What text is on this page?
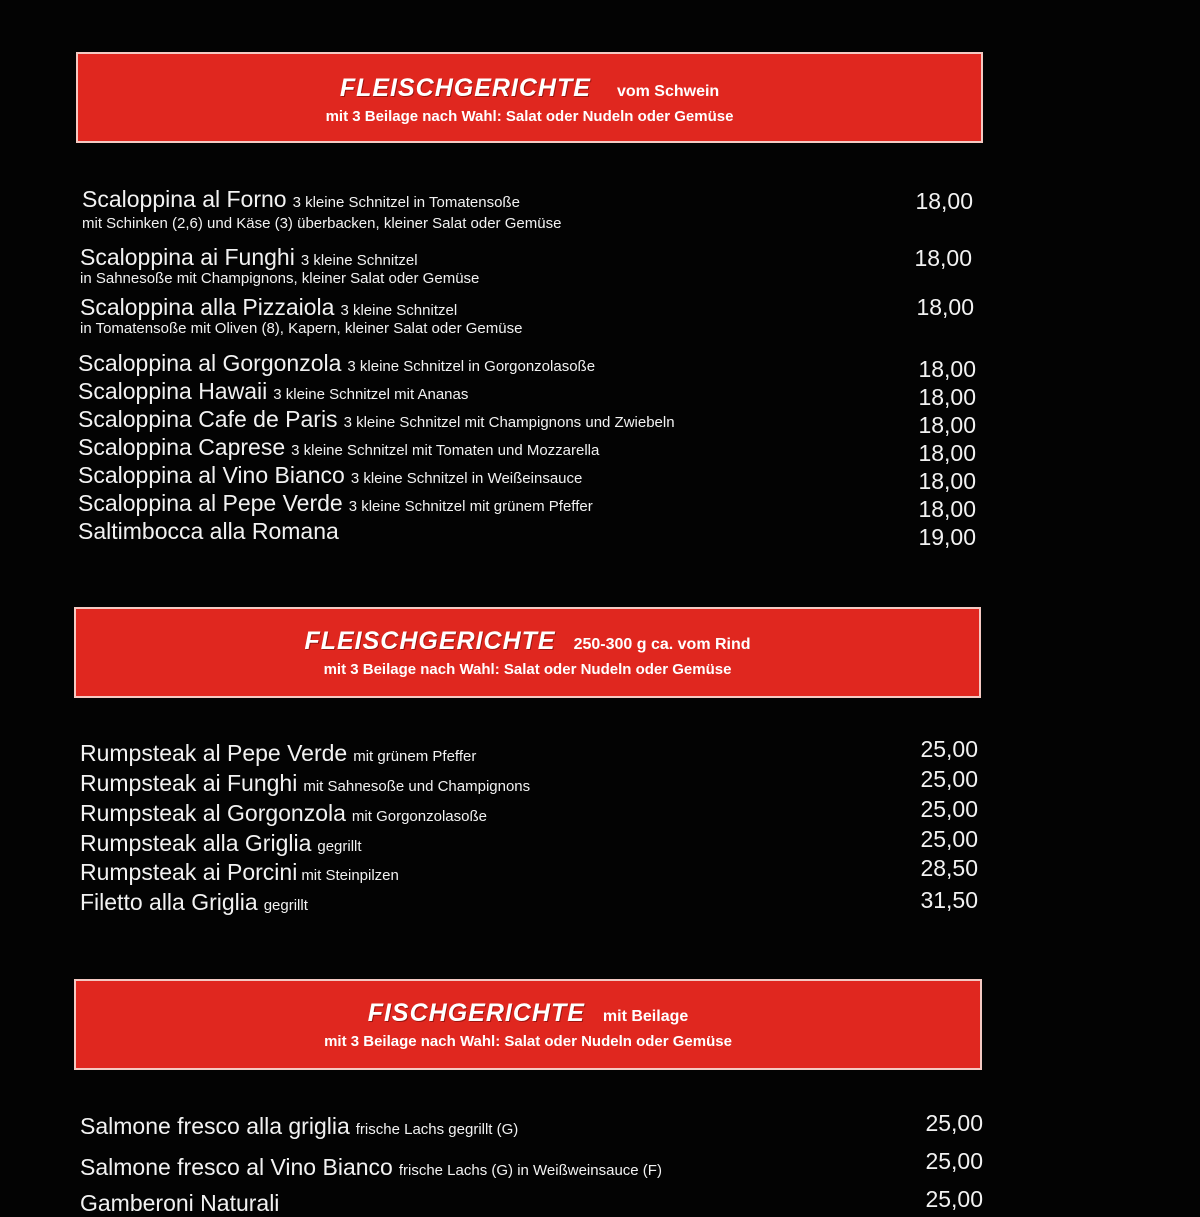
FLEISCHGERICHTE vom Schwein
mit 3 Beilage nach Wahl: Salat oder Nudeln oder Gemüse
Scaloppina al Forno 3 kleine Schnitzel in Tomatensoße
mit Schinken (2,6) und Käse (3) überbacken, kleiner Salat oder Gemüse
18,00
Scaloppina ai Funghi 3 kleine Schnitzel
in Sahnesoße mit Champignons, kleiner Salat oder Gemüse
18,00
Scaloppina alla Pizzaiola 3 kleine Schnitzel
in Tomatensoße mit Oliven (8), Kapern, kleiner Salat oder Gemüse
18,00
Scaloppina al Gorgonzola 3 kleine Schnitzel in Gorgonzolasoße	18,00
Scaloppina Hawaii 3 kleine Schnitzel mit Ananas	18,00
Scaloppina Cafe de Paris 3 kleine Schnitzel mit Champignons und Zwiebeln	18,00
Scaloppina Caprese 3 kleine Schnitzel mit Tomaten und Mozzarella	18,00
Scaloppina al Vino Bianco 3 kleine Schnitzel in Weißeinsauce	18,00
Scaloppina al Pepe Verde 3 kleine Schnitzel mit grünem Pfeffer	18,00
Saltimbocca alla Romana	19,00
FLEISCHGERICHTE 250-300 g ca. vom Rind
mit 3 Beilage nach Wahl: Salat oder Nudeln oder Gemüse
Rumpsteak al Pepe Verde mit grünem Pfeffer	25,00
Rumpsteak ai Funghi mit Sahnesoße und Champignons	25,00
Rumpsteak al Gorgonzola mit Gorgonzolasoße	25,00
Rumpsteak alla Griglia gegrillt	25,00
Rumpsteak ai Porcini mit Steinpilzen	28,50
Filetto alla Griglia gegrillt	31,50
FISCHGERICHTE mit Beilage
mit 3 Beilage nach Wahl: Salat oder Nudeln oder Gemüse
Salmone fresco alla griglia frische Lachs gegrillt (G)	25,00
Salmone fresco al Vino Bianco frische Lachs (G) in Weißweinsauce (F)	25,00
Gamberoni Naturali	25,00
